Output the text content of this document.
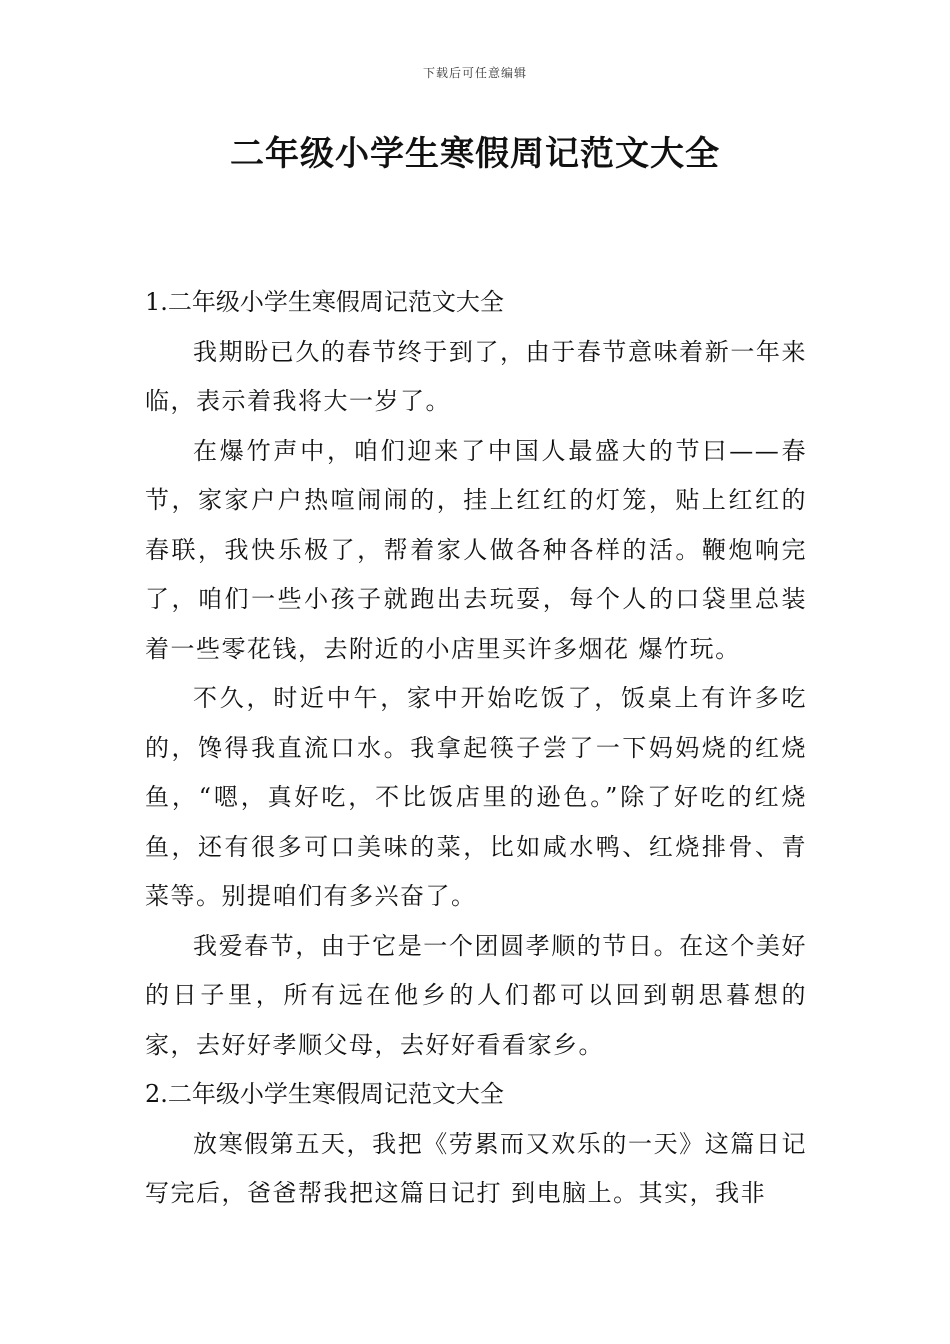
下载后可任意编辑
二年级小学生寒假周记范文大全
1.二年级小学生寒假周记范文大全

我期盼已久的春节终于到了，由于春节意味着新一年来临，表示着我将大一岁了。

在爆竹声中，咱们迎来了中国人最盛大的节曰——春节，家家户户热喧闹闹的，挂上红红的灯笼，贴上红红的春联，我快乐极了，帮着家人做各种各样的活。鞭炮响完了，咱们一些小孩子就跑出去玩耍，每个人的口袋里总装着一些零花钱，去附近的小店里买许多烟花 爆竹玩。

不久，时近中午，家中开始吃饭了，饭桌上有许多吃的，馋得我直流口水。我拿起筷子尝了一下妈妈烧的红烧鱼，“嗯，真好吃，不比饭店里的逊色。”除了好吃的红烧鱼，还有很多可口美味的菜，比如咸水鸭、红烧排骨、青菜等。别提咱们有多兴奋了。

我爱春节，由于它是一个团圆孝顺的节日。在这个美好的日子里，所有远在他乡的人们都可以回到朝思暮想的家，去好好孝顺父母，去好好看看家乡。

2.二年级小学生寒假周记范文大全

放寒假第五天，我把《劳累而又欢乐的一天》这篇日记写完后，爸爸帮我把这篇日记打 到电脑上。其实，我非
